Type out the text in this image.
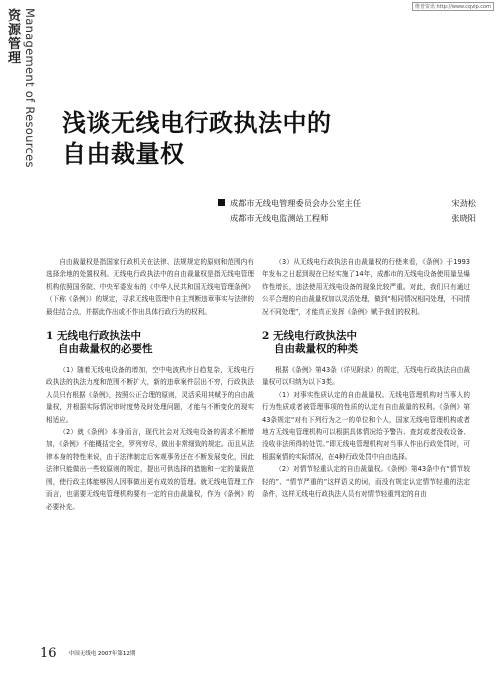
维普资讯 http://www.cqvip.com
资源管理 Management of Resources 浅谈无线电行政执法中的
自由裁量权
成都市无线电管理委员会办公室主任	宋劲松
成都市无线电监测站工程师	张晓阳

自由裁量权是指国家行政机关在法律、法规规定的原则和范围内有选择余地的处置权利。无线电行政执法中的自由裁量权是指无线电管理机构依照国务院、中央军委发布的《中华人民共和国无线电管理条例》（下称《条例》）的规定，寻求无线电管理中自主判断违章事实与法律的最佳结合点，并据此作出或不作出具体行政行为的权利。

1 无线电行政执法中
自由裁量权的必要性

（1）随着无线电设备的增加，空中电波秩序日趋复杂，无线电行政执法的执法力度和范围不断扩大，新的违章案件层出不穷，行政执法人员只有根据《条例》，按照公正合理的原则，灵活采用其赋予的自由裁量权，并根据实际情况审时度势及时处理问题，才能与不断变化的现实相适应。

（2）就《条例》本身而言，现代社会对无线电设备的需求不断增加，《条例》不能概括完全，罗列穷尽，做出非常细致的规定。而且从法律本身的特性来说，由于法律制定后客观事务还在不断发展变化，因此法律只能做出一些较原则的规定，提出可供选择的措施和一定的量裁范围，使行政主体能够因人因事做出更有成效的管理。就无线电管理工作而言，也需要无线电管理机构要有一定的自由裁量权，作为《条例》的必要补充。

（3）从无线电行政执法自由裁量权的行使来看，《条例》于1993年发布之日起到现在已经实施了14年，成都市的无线电设备使用量呈爆炸性增长，违法使用无线电设备的现象比较严重。对此，我们只有通过公平合理的自由裁量权加以灵活处理，做到“相同情况相同处理，不同情况不同处理”，才能真正发挥《条例》赋予我们的权利。

2 无线电行政执法中
自由裁量权的种类

根据《条例》第43条（详见附录）的规定，无线电行政执法自由裁量权可以归纳为以下3类。

（1）对事实性质认定的自由裁量权。无线电管理机构对当事人的行为性质或者被管理事项的性质的认定有自由裁量的权利。《条例》第43条规定“对有下列行为之一的单位和个人，国家无线电管理机构或者地方无线电管理机构可以根据具体情况给予警告、查封或者没收设备、没收非法所得的处罚。”即无线电管理机构对当事人作出行政处罚时，可根据案情的实际情况，在4种行政处罚中自由选择。

（2）对情节轻重认定的自由裁量权。《条例》第43条中有“情节较轻的”、“情节严重的”这样语义的词，而没有规定认定情节轻重的法定条件，这样无线电行政执法人员有对情节轻重判定的自由

16 中国无线电 2007年第12期
